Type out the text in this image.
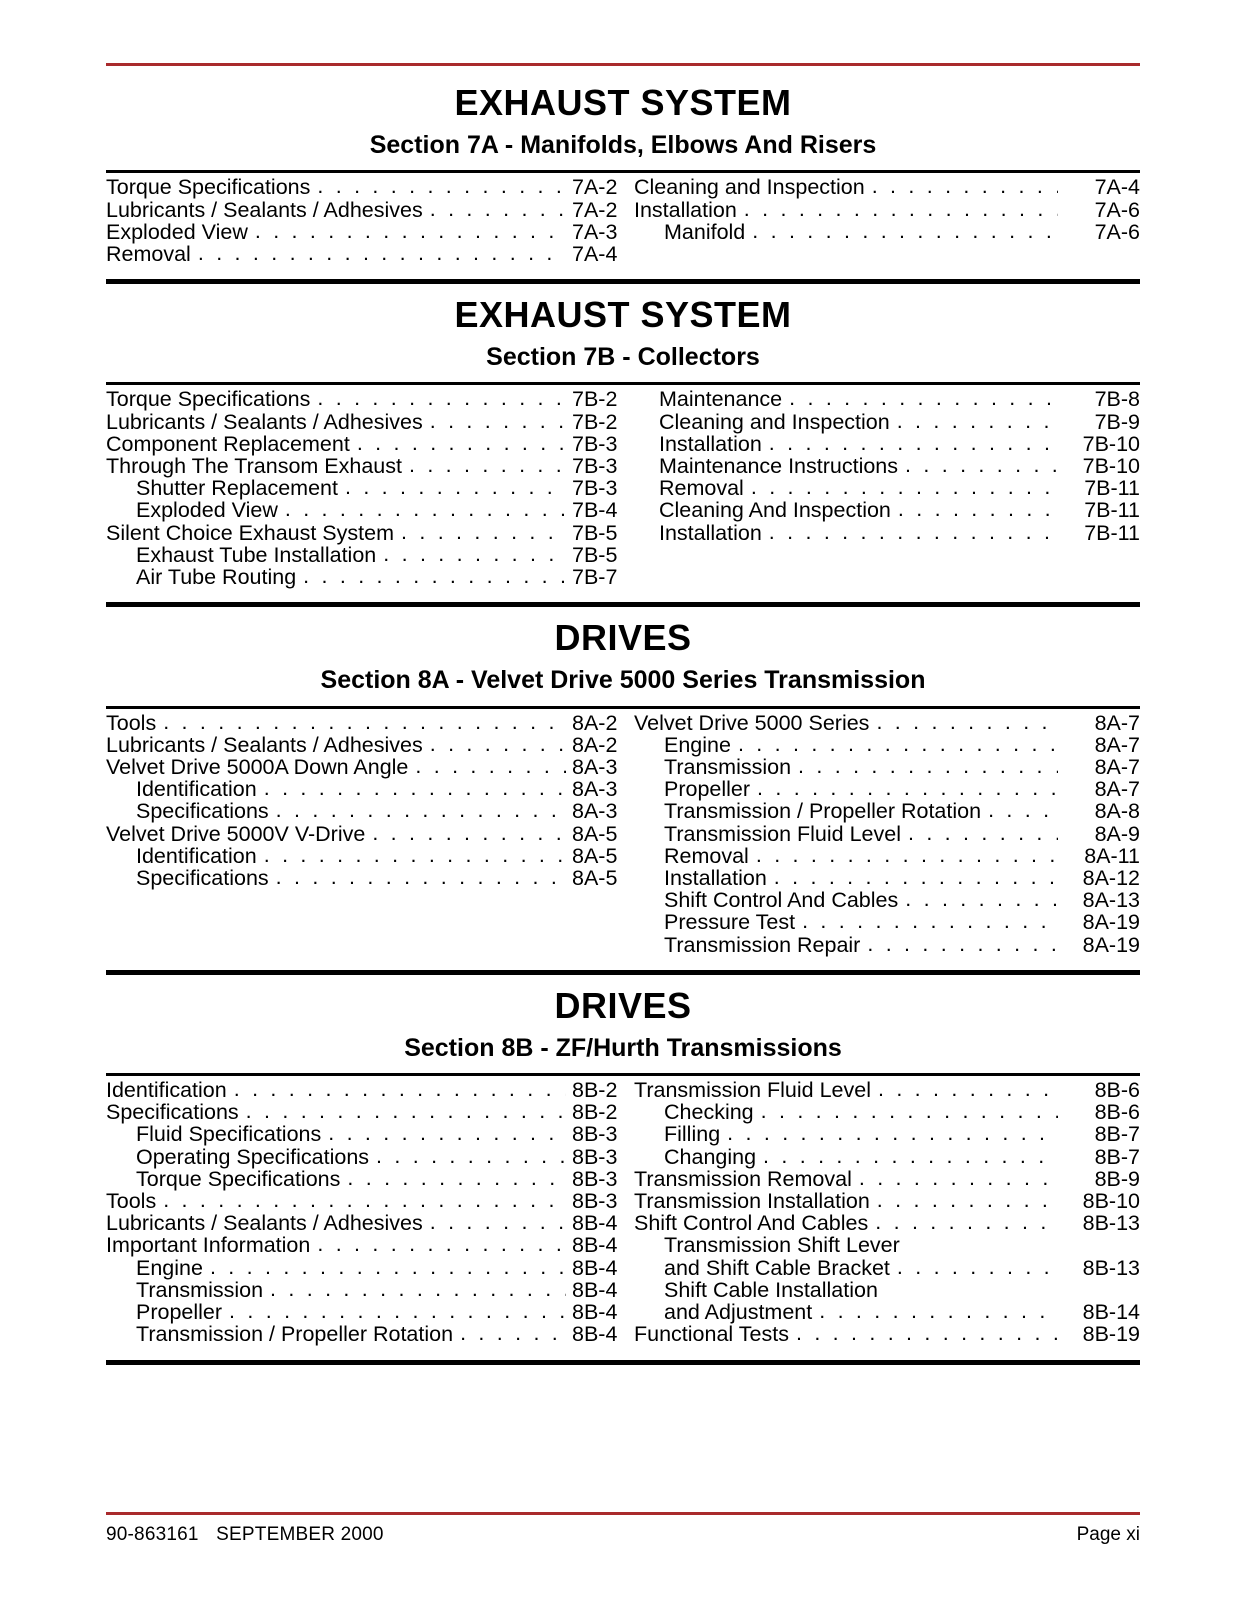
EXHAUST SYSTEM
Section 7A - Manifolds, Elbows And Risers
Torque Specifications . . .	7A-2
Lubricants / Sealants / Adhesives . . .	7A-2
Exploded View . . .	7A-3
Removal . . .	7A-4
Cleaning and Inspection . . .	7A-4
Installation . . .	7A-6
Manifold . . .	7A-6
EXHAUST SYSTEM
Section 7B - Collectors
Torque Specifications . . .	7B-2
Lubricants / Sealants / Adhesives . . .	7B-2
Component Replacement . . .	7B-3
Through The Transom Exhaust . . .	7B-3
Shutter Replacement . . .	7B-3
Exploded View . . .	7B-4
Silent Choice Exhaust System . . .	7B-5
Exhaust Tube Installation . . .	7B-5
Air Tube Routing . . .	7B-7
Maintenance . . .	7B-8
Cleaning and Inspection . . .	7B-9
Installation . . .	7B-10
Maintenance Instructions . . .	7B-10
Removal . . .	7B-11
Cleaning And Inspection . . .	7B-11
Installation . . .	7B-11
DRIVES
Section 8A - Velvet Drive 5000 Series Transmission
Tools . . .	8A-2
Lubricants / Sealants / Adhesives . . .	8A-2
Velvet Drive 5000A Down Angle . . .	8A-3
Identification . . .	8A-3
Specifications . . .	8A-3
Velvet Drive 5000V V-Drive . . .	8A-5
Identification . . .	8A-5
Specifications . . .	8A-5
Velvet Drive 5000 Series . . .	8A-7
Engine . . .	8A-7
Transmission . . .	8A-7
Propeller . . .	8A-7
Transmission / Propeller Rotation . . .	8A-8
Transmission Fluid Level . . .	8A-9
Removal . . .	8A-11
Installation . . .	8A-12
Shift Control And Cables . . .	8A-13
Pressure Test . . .	8A-19
Transmission Repair . . .	8A-19
DRIVES
Section 8B - ZF/Hurth Transmissions
Identification . . .	8B-2
Specifications . . .	8B-2
Fluid Specifications . . .	8B-3
Operating Specifications . . .	8B-3
Torque Specifications . . .	8B-3
Tools . . .	8B-3
Lubricants / Sealants / Adhesives . . .	8B-4
Important Information . . .	8B-4
Engine . . .	8B-4
Transmission . . .	8B-4
Propeller . . .	8B-4
Transmission / Propeller Rotation . . .	8B-4
Transmission Fluid Level . . .	8B-6
Checking . . .	8B-6
Filling . . .	8B-7
Changing . . .	8B-7
Transmission Removal . . .	8B-9
Transmission Installation . . .	8B-10
Shift Control And Cables . . .	8B-13
Transmission Shift Lever
and Shift Cable Bracket . . .	8B-13
Shift Cable Installation
and Adjustment . . .	8B-14
Functional Tests . . .	8B-19
90-863161 SEPTEMBER 2000	Page xi
